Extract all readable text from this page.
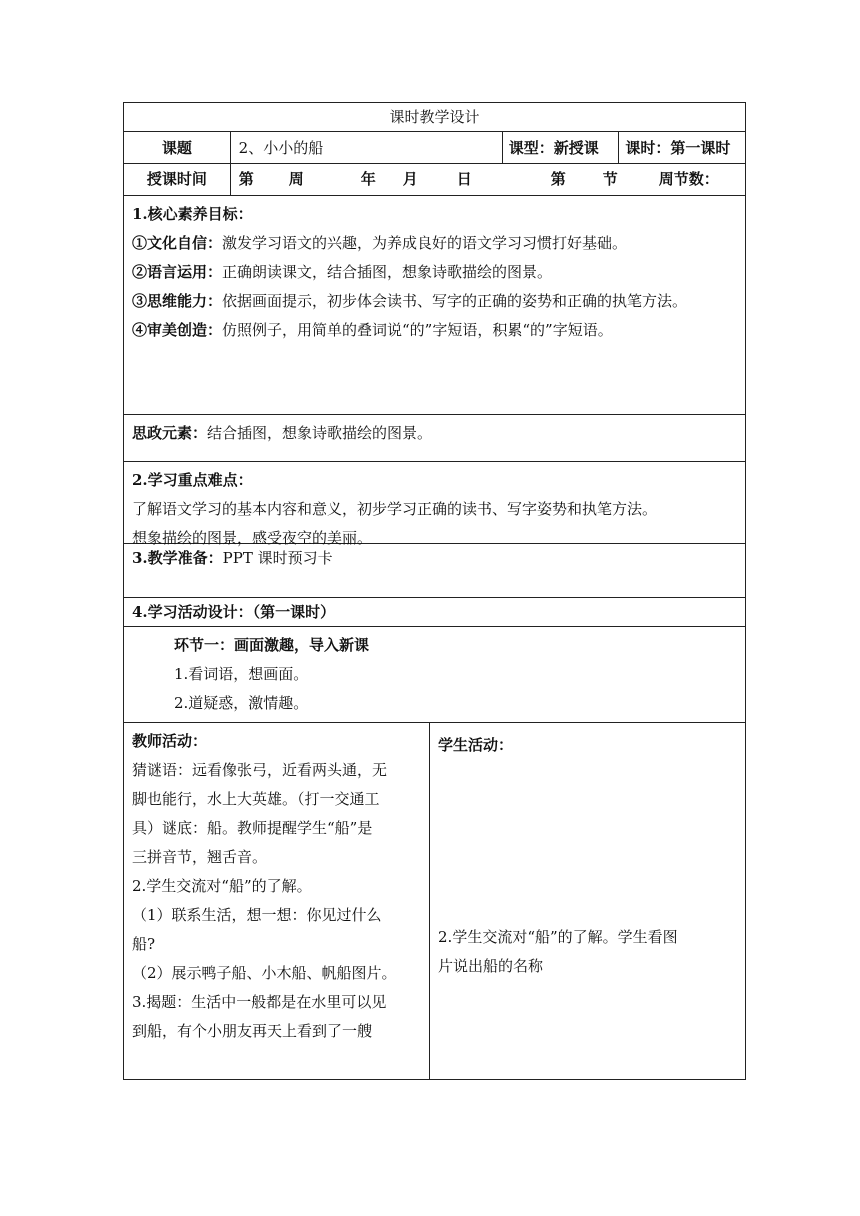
课时教学设计
课题	2、小小的船	课型：新授课	课时：第一课时
授课时间	第 周	年 月	日	第 节	周节数：
1.核心素养目标：
①文化自信：激发学习语文的兴趣，为养成良好的语文学习习惯打好基础。
②语言运用：正确朗读课文，结合插图，想象诗歌描绘的图景。
③思维能力：依据画面提示，初步体会读书、写字的正确的姿势和正确的执笔方法。
④审美创造：仿照例子，用简单的叠词说“的”字短语，积累“的”字短语。
思政元素：结合插图，想象诗歌描绘的图景。
2.学习重点难点：
了解语文学习的基本内容和意义，初步学习正确的读书、写字姿势和执笔方法。
想象描绘的图景，感受夜空的美丽。
3.教学准备：PPT 课时预习卡
4.学习活动设计：（第一课时）
环节一：画面激趣，导入新课
1.看词语，想画面。
2.道疑惑，激情趣。
教师活动：
猜谜语：远看像张弓，近看两头通，无
脚也能行，水上大英雄。（打一交通工
具）谜底：船。教师提醒学生“船”是
三拼音节，翘舌音。
2.学生交流对“船”的了解。
（1）联系生活，想一想：你见过什么
船?
（2）展示鸭子船、小木船、帆船图片。
3.揭题：生活中一般都是在水里可以见
到船，有个小朋友再天上看到了一艘
学生活动：
2.学生交流对“船”的了解。学生看图
片说出船的名称
